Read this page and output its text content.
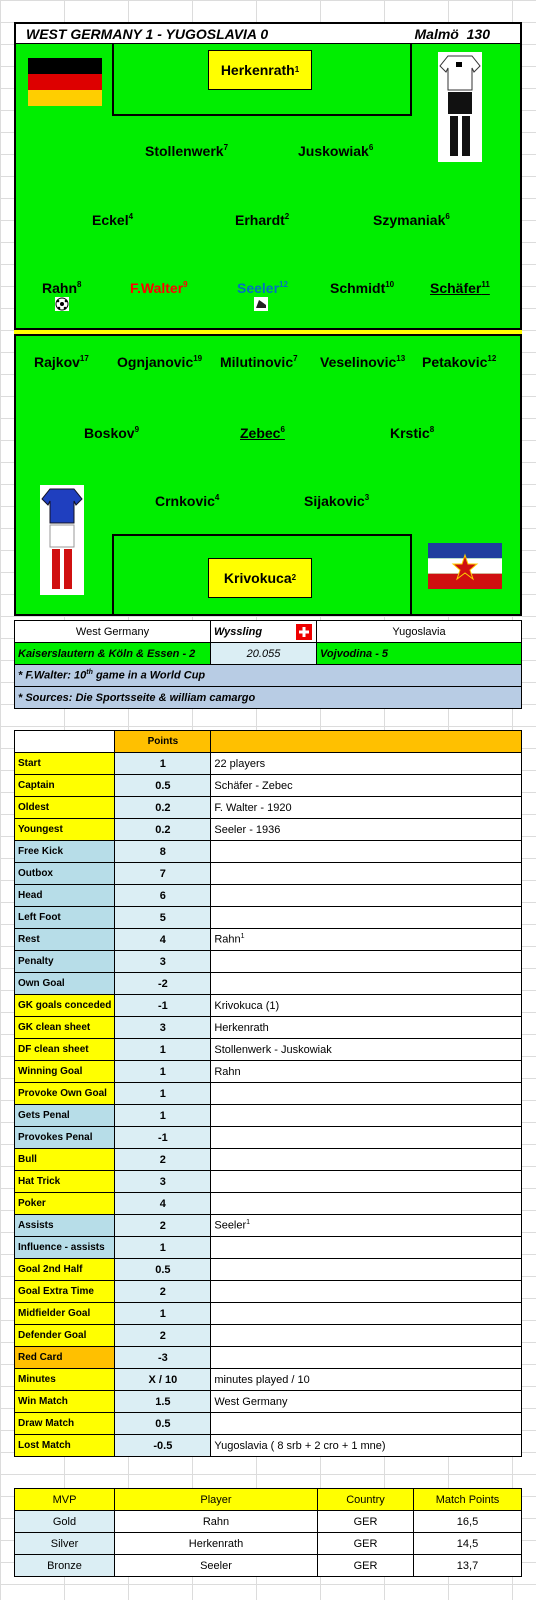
WEST GERMANY 1 - YUGOSLAVIA 0	Malmö 130
Herkenrath$^1$
Stollenwerk$^7$	Juskowiak$^6$
Eckel$^4$	Erhardt$^2$	Szymaniak$^6$
Rahn$^8$	F.Walter$^9$	Seeler$^{12}$	Schmidt$^{10}$	Schäfer$^{11}$
Rajkov$^{17}$ Ognjanovic$^{19}$ Milutinovic$^7$ Veselinovic$^{13}$ Petakovic$^{12}$
Boskov$^9$	Zebec$^6$	Krstic$^8$
Crnkovic$^4$	Sijakovic$^3$
Krivokuca$^2$
West Germany	Wyssling	Yugoslavia
Kaiserslautern & Köln & Essen - 2	20.055	Vojvodina - 5
* F.Walter: 10th game in a World Cup		
* Sources: Die Sportsseite & william camargo		
	Points	
Start	1	22 players
Captain	0.5	Schäfer - Zebec
Oldest	0.2	F. Walter - 1920
Youngest	0.2	Seeler - 1936
Free Kick	8	
Outbox	7	
Head	6	
Left Foot	5	
Rest	4	Rahn$^1$
Penalty	3	
Own Goal	-2	
GK goals conceded	-1	Krivokuca (1)
GK clean sheet	3	Herkenrath
DF clean sheet	1	Stollenwerk - Juskowiak
Winning Goal	1	Rahn
Provoke Own Goal	1	
Gets Penal	1	
Provokes Penal	-1	
Bull	2	
Hat Trick	3	
Poker	4	
Assists	2	Seeler$^1$
Influence - assists	1	
Goal 2nd Half	0.5	
Goal Extra Time	2	
Midfielder Goal	1	
Defender Goal	2	
Red Card	-3	
Minutes	X / 10	minutes played / 10
Win Match	1.5	West Germany
Draw Match	0.5	
Lost Match	-0.5	Yugoslavia ( 8 srb + 2 cro + 1 mne)
MVP	Player	Country	Match Points
Gold	Rahn	GER	16,5
Silver	Herkenrath	GER	14,5
Bronze	Seeler	GER	13,7
